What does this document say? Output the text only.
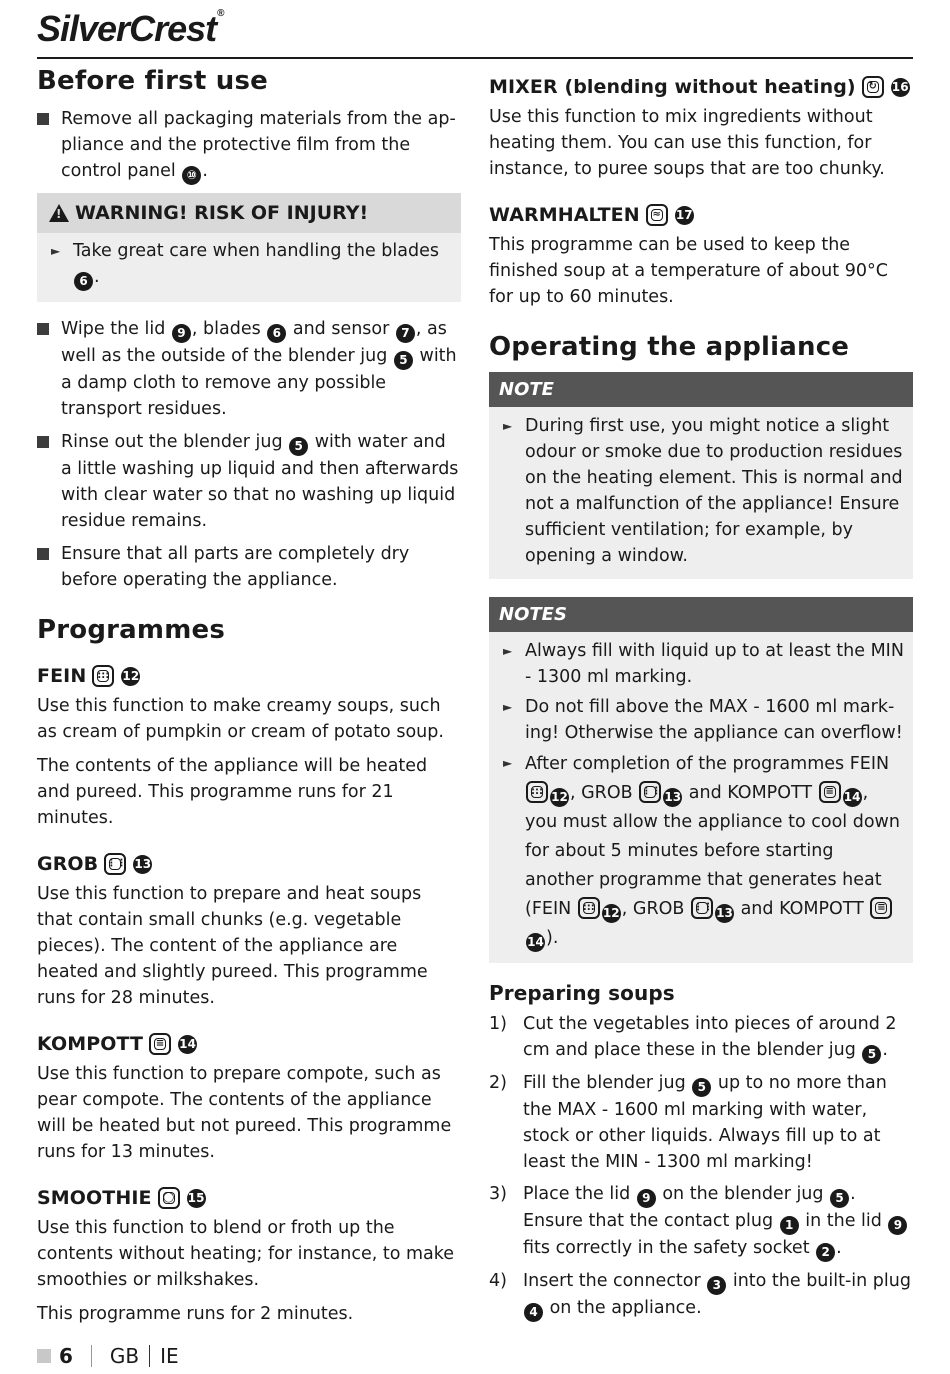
SilverCrest®
Before first use
Remove all packaging materials from the appliance and the protective film from the control panel ⑩ .
!
WARNING! RISK OF INJURY!
► Take great care when handling the blades 6 .
Wipe the lid 9 , blades 6 and sensor 7 , as well as the outside of the blender jug 5 with a damp cloth to remove any possible transport residues.
Rinse out the blender jug 5 with water and a little washing up liquid and then afterwards with clear water so that no washing up liquid residue remains.
Ensure that all parts are completely dry before operating the appliance.
Programmes
FEIN ::: 12

Use this function to make creamy soups, such as cream of pumpkin or cream of potato soup.

The contents of the appliance will be heated and pureed. This programme runs for 21 minutes.

GROB ⋮⋮ 13

Use this function to prepare and heat soups that contain small chunks (e.g. vegetable pieces). The content of the appliance are heated and slightly pureed. This programme runs for 28 minutes.

KOMPOTT	≡	14

Use this function to prepare compote, such as pear compote. The contents of the appliance will be heated but not pureed. This programme runs for 13 minutes.

SMOOTHIE	◯ 15

Use this function to blend or froth up the contents without heating; for instance, to make smoothies or milkshakes.

This programme runs for 2 minutes.

MIXER (blending without heating)	↻	16

Use this function to mix ingredients without heating them. You can use this function, for instance, to puree soups that are too chunky.

WARMHALTEN	≈	17

This programme can be used to keep the finished soup at a temperature of about 90°C for up to 60 minutes.

Operating the appliance
NOTE
► During first use, you might notice a slight odour or smoke due to production residues on the heating element. This is normal and not a malfunction of the appliance! Ensure sufficient ventilation; for example, by opening a window.
NOTES
► Always fill with liquid up to at least the MIN - 1300 ml marking.
► Do not fill above the MAX - 1600 ml marking! Otherwise the appliance can overflow!
► After completion of the programmes FEIN
::: 12 , GROB ⋮⋮ 13 and KOMPOTT	≡ 14 , you must allow the appliance to cool down for about 5 minutes before starting another programme that generates heat (FEIN	::: 12 , GROB ⋮⋮ 13 and KOMPOTT	≡
14 ).
Preparing soups
1) Cut the vegetables into pieces of around 2 cm and place these in the blender jug 5 .
2) Fill the blender jug 5 up to no more than the MAX - 1600 ml marking with water, stock or other liquids. Always fill up to at least the MIN - 1300 ml marking!
3) Place the lid 9 on the blender jug 5 . Ensure that the contact plug 1 in the lid 9 fits correctly in the safety socket 2 .
4) Insert the connector 3 into the built-in plug 4 on the appliance.
6 GB IE
